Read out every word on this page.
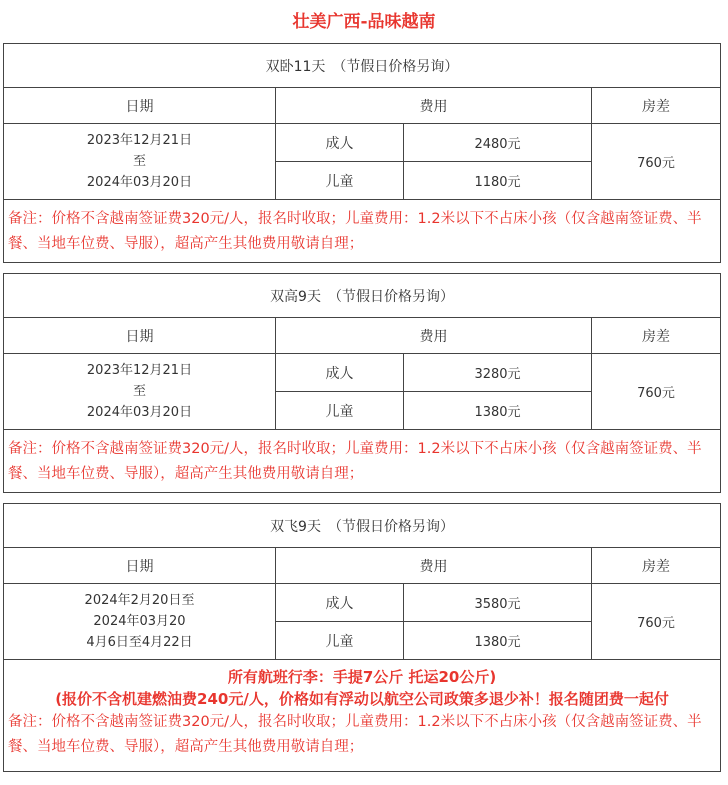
壮美广西-品味越南
双卧11天　（节假日价格另询）			
日期	费用		房差

2023年12月21日
至
2024年03月20日	成人	2480元	760元
	儿童	1180元	
备注：价格不含越南签证费320元/人，报名时收取；儿童费用：1.2米以下不占床小孩（仅含越南签证费、半餐、当地车位费、导服），超高产生其他费用敬请自理；			
双高9天　（节假日价格另询）			
日期	费用		房差

2023年12月21日
至
2024年03月20日	成人	3280元	760元
	儿童	1380元	
备注：价格不含越南签证费320元/人，报名时收取；儿童费用：1.2米以下不占床小孩（仅含越南签证费、半餐、当地车位费、导服），超高产生其他费用敬请自理；			
双飞9天　（节假日价格另询）			
日期	费用		房差

2024年2月20日至
2024年03月20
4月6日至4月22日	成人	3580元	760元
	儿童	1380元	

所有航班行李：手提7公斤 托运20公斤)
(报价不含机建燃油费240元/人，价格如有浮动以航空公司政策多退少补！报名随团费一起付
备注：价格不含越南签证费320元/人，报名时收取；儿童费用：1.2米以下不占床小孩（仅含越南签证费、半餐、当地车位费、导服），超高产生其他费用敬请自理；			
